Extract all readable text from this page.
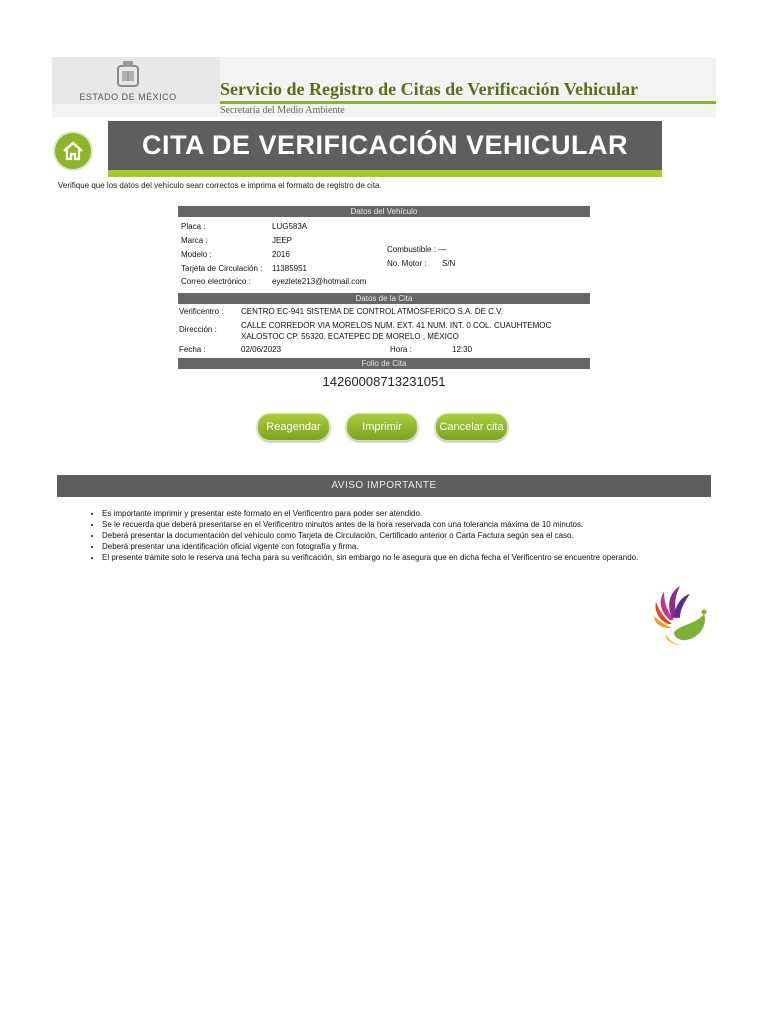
ESTADO DE MÉXICO	Servicio de Registro de Citas de Verificación Vehicular
Secretaría del Medio Ambiente
CITA DE VERIFICACIÓN VEHICULAR
Verifique que los datos del vehículo sean correctos e imprima el formato de registro de cita.
Datos del Vehículo
Placa :	LUG583A
Marca :	JEEP
Modelo :	2016
Tarjeta de Circulación : 11385951
Correo electrónico :	eyezlete213@hotmail.com
Combustible : —
No. Motor : S/N
Datos de la Cita
Verificentro : CENTRO EC-941 SISTEMA DE CONTROL ATMOSFERICO S.A. DE C.V.
Dirección :	CALLE CORREDOR VIA MORELOS NUM. EXT. 41 NUM. INT. 0 COL. CUAUHTEMOC XALOSTOC CP. 55320. ECATEPEC DE MORELO , MÉXICO
Fecha :	02/06/2023	Hora :	12:30
Folio de Cita
14260008713231051
Reagendar	Imprimir	Cancelar cita
AVISO IMPORTANTE
• Es importante imprimir y presentar este formato en el Verificentro para poder ser atendido.
• Se le recuerda que deberá presentarse en el Verificentro minutos antes de la hora reservada con una tolerancia máxima de 10 minutos.
• Deberá presentar la documentación del vehículo como Tarjeta de Circulación, Certificado anterior o Carta Factura según sea el caso.
• Deberá presentar una identificación oficial vigente con fotografía y firma.
• El presente trámite solo le reserva una fecha para su verificación, sin embargo no le asegura que en dicha fecha el Verificentro se encuentre operando.
